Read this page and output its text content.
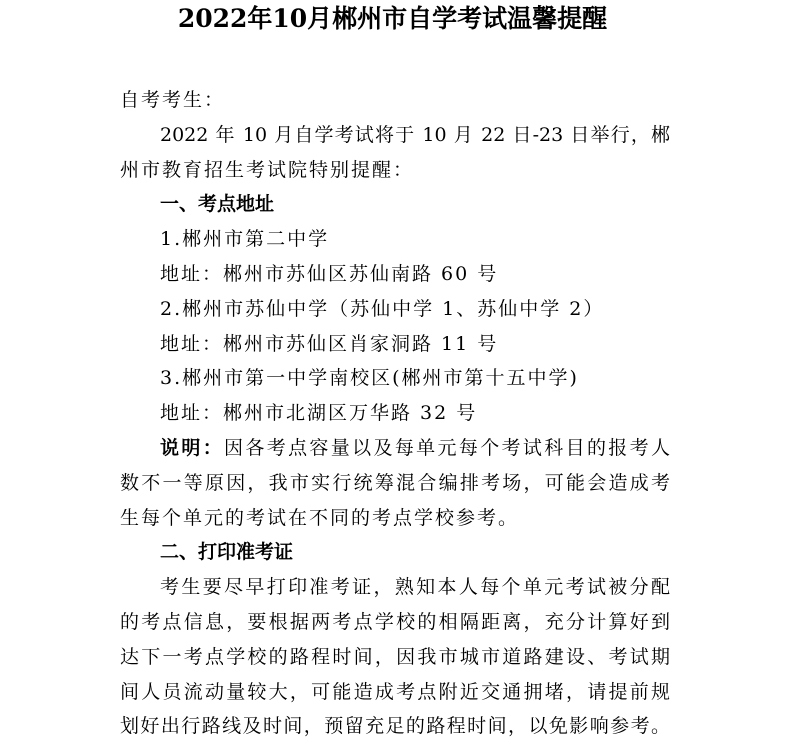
2022年10月郴州市自学考试温馨提醒
自考考生：
2022 年 10 月自学考试将于 10 月 22 日-23 日举行，郴
州市教育招生考试院特别提醒：
一、考点地址
1.郴州市第二中学
地址：郴州市苏仙区苏仙南路 60 号
2.郴州市苏仙中学（苏仙中学 1、苏仙中学 2）
地址：郴州市苏仙区肖家洞路 11 号
3.郴州市第一中学南校区(郴州市第十五中学)
地址：郴州市北湖区万华路 32 号
说明：因各考点容量以及每单元每个考试科目的报考人
数不一等原因，我市实行统筹混合编排考场，可能会造成考
生每个单元的考试在不同的考点学校参考。
二、打印准考证
考生要尽早打印准考证，熟知本人每个单元考试被分配
的考点信息，要根据两考点学校的相隔距离，充分计算好到
达下一考点学校的路程时间，因我市城市道路建设、考试期
间人员流动量较大，可能造成考点附近交通拥堵，请提前规
划好出行路线及时间，预留充足的路程时间，以免影响参考。
